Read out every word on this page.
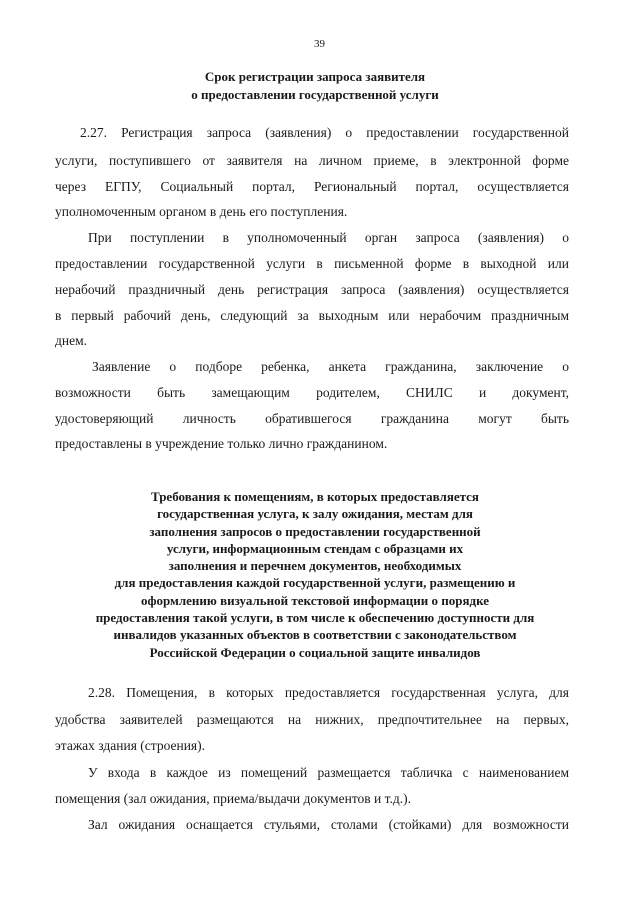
39
Срок регистрации запроса заявителя
о предоставлении государственной услуги
2.27. Регистрация запроса (заявления) о предоставлении государственной
услуги, поступившего от заявителя на личном приеме, в электронной форме
через ЕГПУ, Социальный портал, Региональный портал, осуществляется
уполномоченным органом в день его поступления.
При поступлении в уполномоченный орган запроса (заявления) о
предоставлении государственной услуги в письменной форме в выходной или
нерабочий праздничный день регистрация запроса (заявления) осуществляется
в первый рабочий день, следующий за выходным или нерабочим праздничным
днем.
Заявление о подборе ребенка, анкета гражданина, заключение о
возможности быть замещающим родителем, СНИЛС и документ,
удостоверяющий личность обратившегося гражданина могут быть
предоставлены в учреждение только лично гражданином.
Требования к помещениям, в которых предоставляется
государственная услуга, к залу ожидания, местам для
заполнения запросов о предоставлении государственной
услуги, информационным стендам с образцами их
заполнения и перечнем документов, необходимых
для предоставления каждой государственной услуги, размещению и
оформлению визуальной текстовой информации о порядке
предоставления такой услуги, в том числе к обеспечению доступности для
инвалидов указанных объектов в соответствии с законодательством
Российской Федерации о социальной защите инвалидов
2.28. Помещения, в которых предоставляется государственная услуга, для
удобства заявителей размещаются на нижних, предпочтительнее на первых,
этажах здания (строения).
У входа в каждое из помещений размещается табличка с наименованием
помещения (зал ожидания, приема/выдачи документов и т.д.).
Зал ожидания оснащается стульями, столами (стойками) для возможности
